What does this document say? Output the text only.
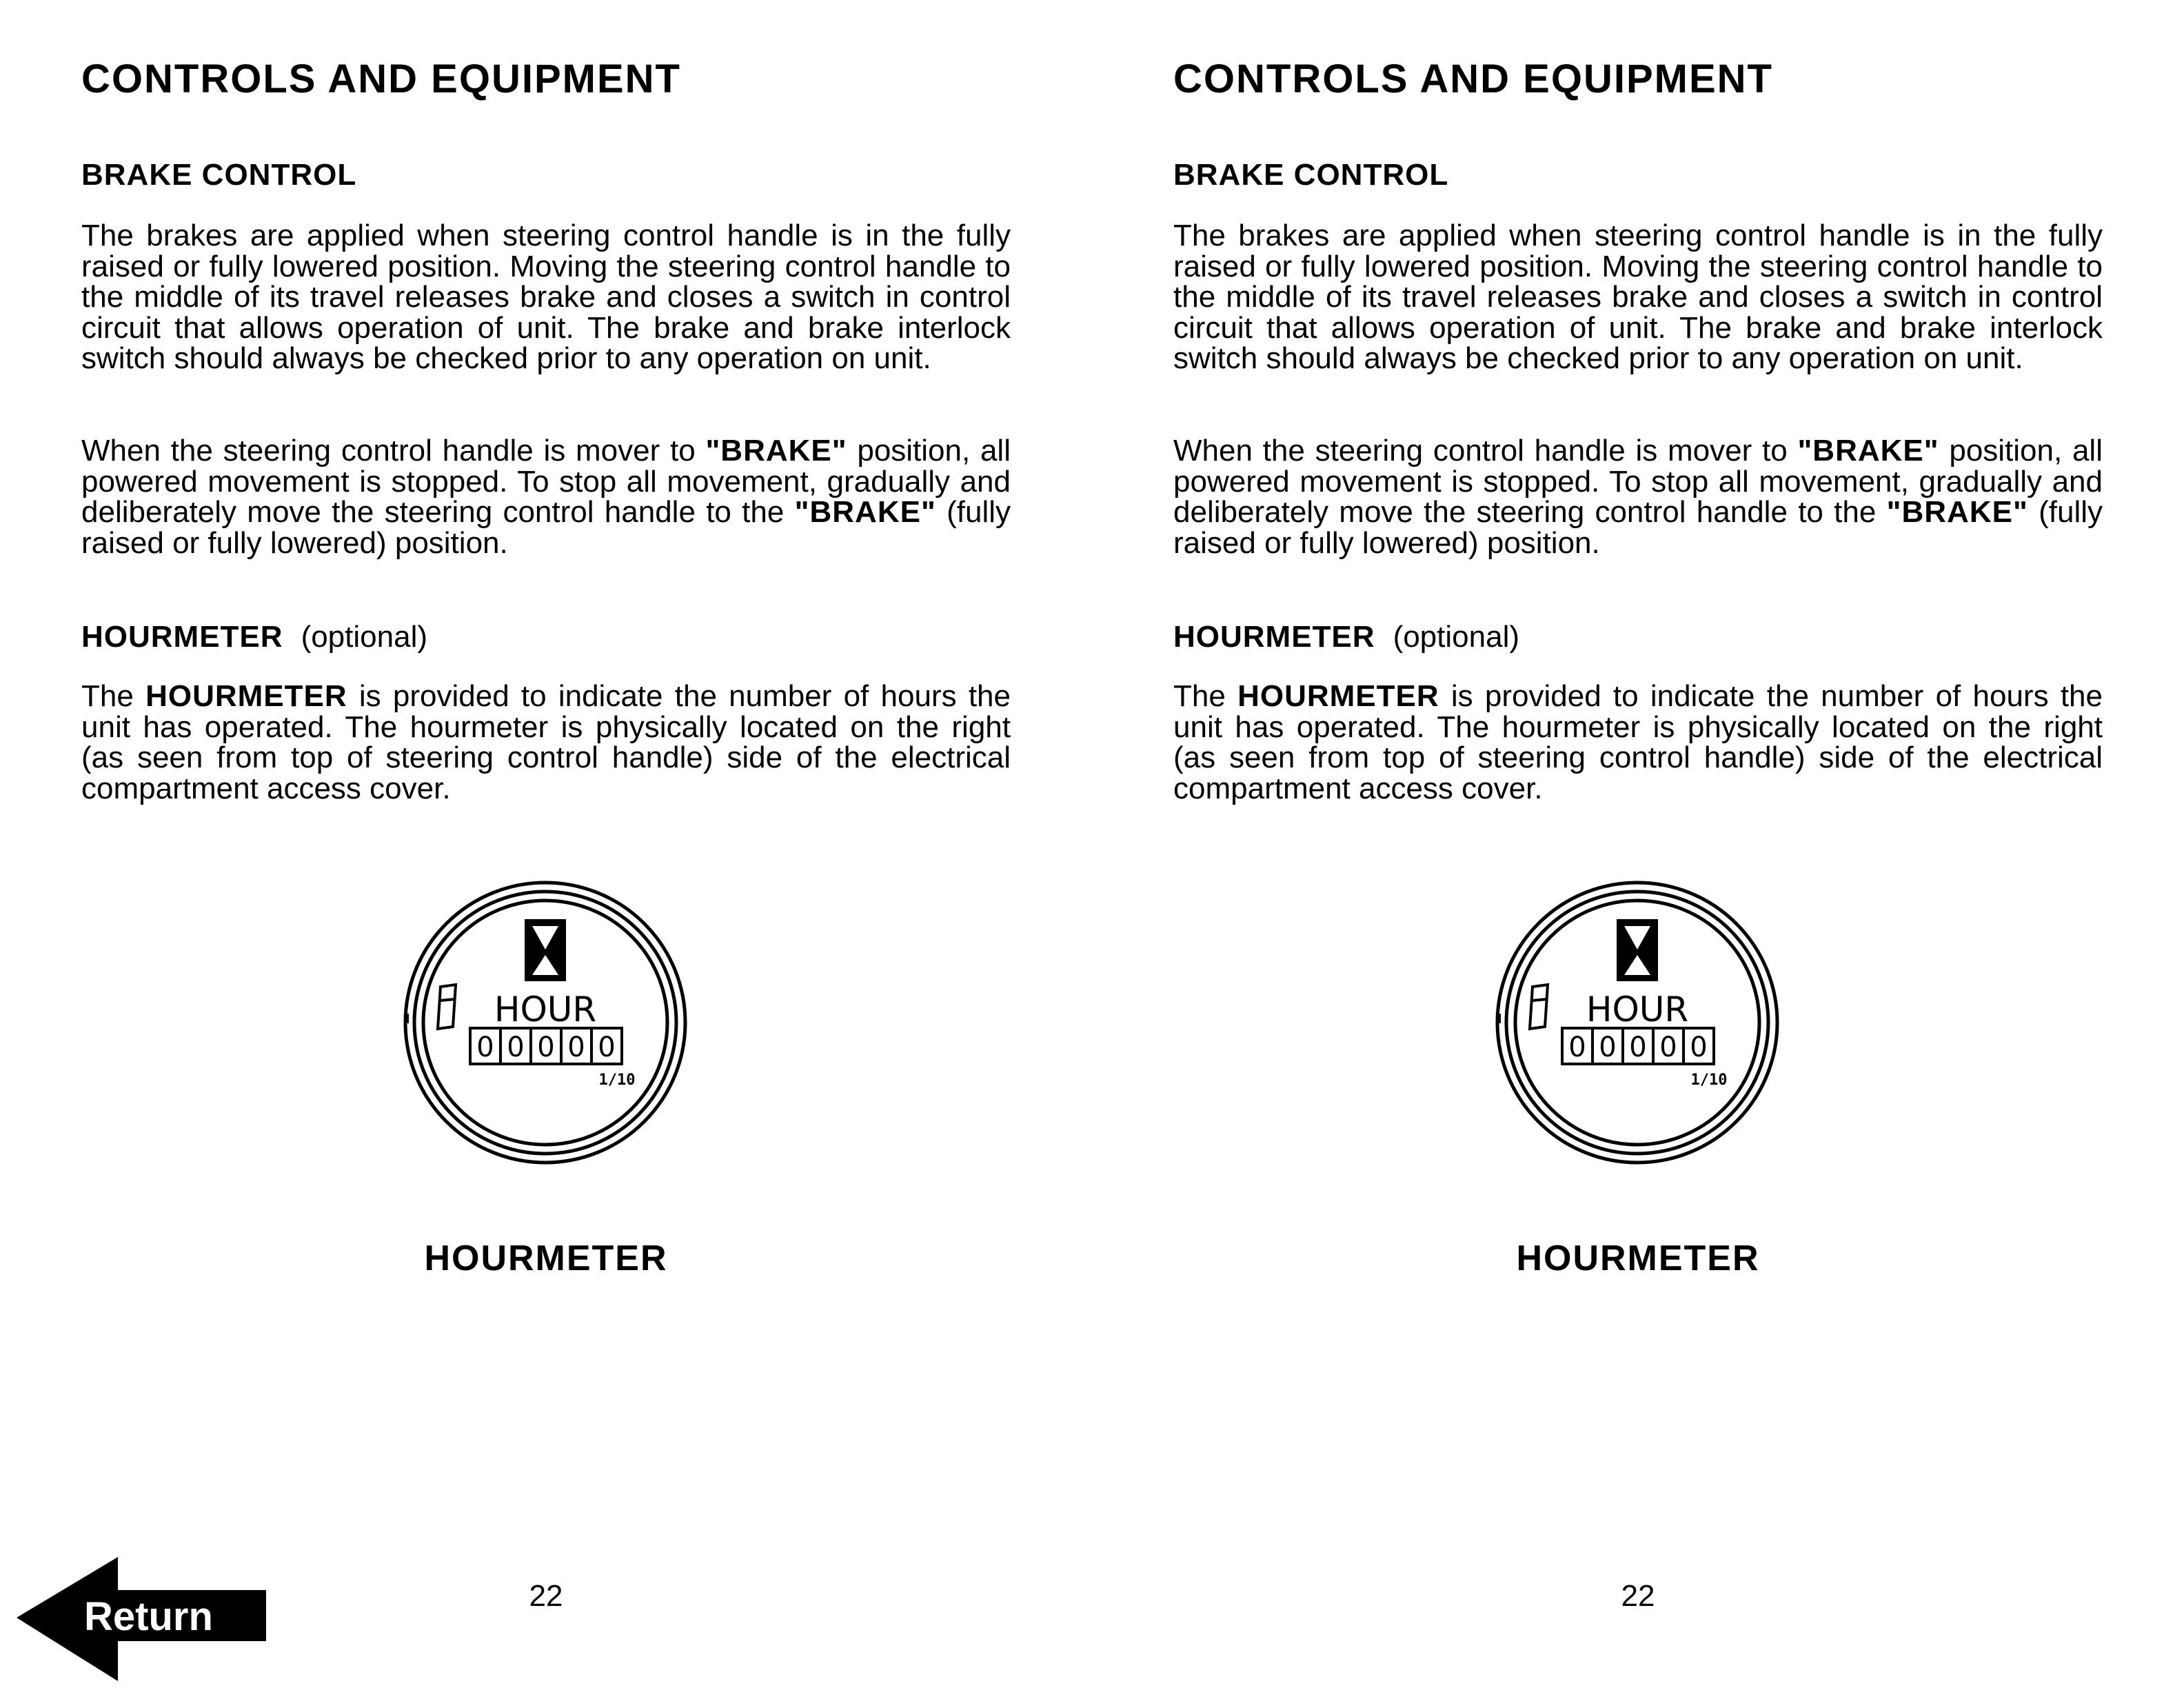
CONTROLS AND EQUIPMENT
BRAKE CONTROL
The brakes are applied when steering control handle is in the fully raised or fully lowered position. Moving the steering control handle to the middle of its travel releases brake and closes a switch in control circuit that allows operation of unit. The brake and brake interlock switch should always be checked prior to any operation on unit.
When the steering control handle is mover to "BRAKE" position, all powered movement is stopped. To stop all movement, gradually and deliberately move the steering control handle to the "BRAKE" (fully raised or fully lowered) position.
HOURMETER (optional)
The HOURMETER is provided to indicate the number of hours the unit has operated. The hourmeter is physically located on the right (as seen from top of steering control handle) side of the electrical compartment access cover.
HOUR
0 0 0 0 0
1/10
HOURMETER
22
Return
CONTROLS AND EQUIPMENT
BRAKE CONTROL
The brakes are applied when steering control handle is in the fully raised or fully lowered position. Moving the steering control handle to the middle of its travel releases brake and closes a switch in control circuit that allows operation of unit. The brake and brake interlock switch should always be checked prior to any operation on unit.
When the steering control handle is mover to "BRAKE" position, all powered movement is stopped. To stop all movement, gradually and deliberately move the steering control handle to the "BRAKE" (fully raised or fully lowered) position.
HOURMETER (optional)
The HOURMETER is provided to indicate the number of hours the unit has operated. The hourmeter is physically located on the right (as seen from top of steering control handle) side of the electrical compartment access cover.
HOUR
0 0 0 0 0
1/10
HOURMETER
22
